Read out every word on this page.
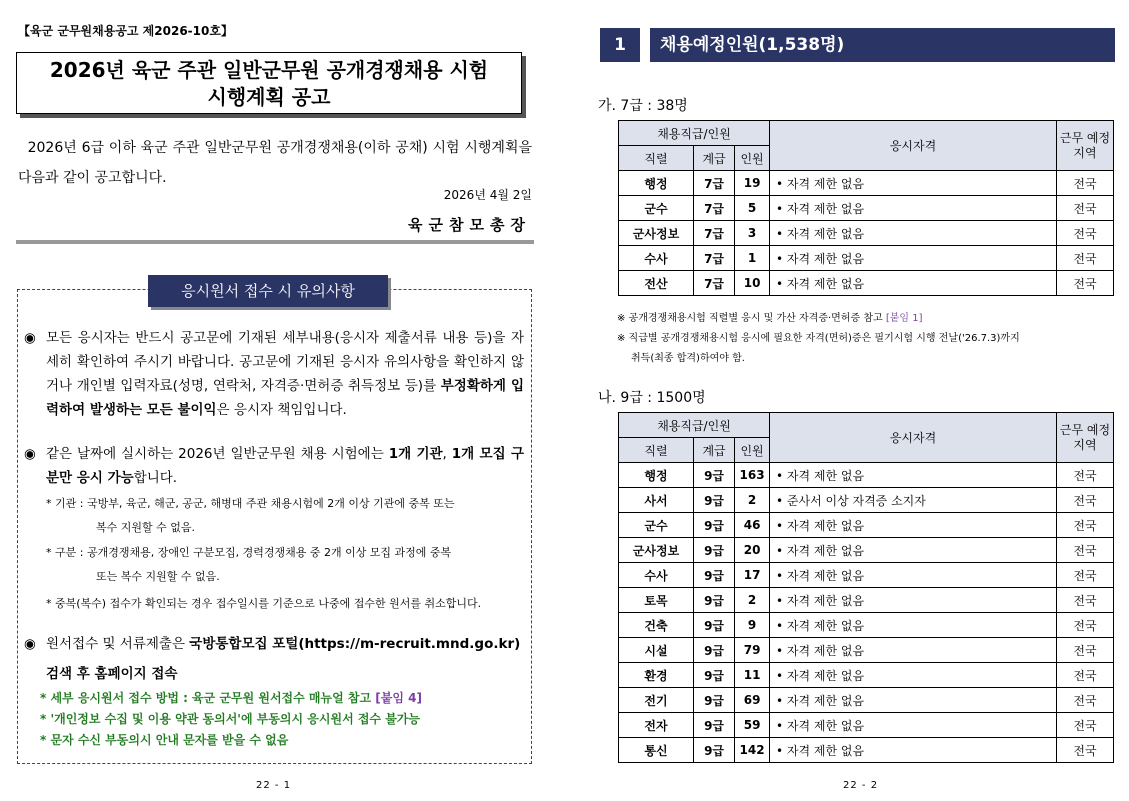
【육군 군무원채용공고 제2026-10호】
2026년 육군 주관 일반군무원 공개경쟁채용 시험
시행계획 공고
2026년 6급 이하 육군 주관 일반군무원 공개경쟁채용(이하 공채) 시험 시행계획을 다음과 같이 공고합니다.
2026년 4월 2일
육군참모총장
응시원서 접수 시 유의사항
◉ 모든 응시자는 반드시 공고문에 기재된 세부내용(응시자 제출서류 내용 등)을 자세히 확인하여 주시기 바랍니다. 공고문에 기재된 응시자 유의사항을 확인하지 않거나 개인별 입력자료(성명, 연락처, 자격증·면허증 취득정보 등)를 부정확하게 입력하여 발생하는 모든 불이익은 응시자 책임입니다.
◉ 같은 날짜에 실시하는 2026년 일반군무원 채용 시험에는 1개 기관, 1개 모집 구분만 응시 가능합니다.
* 기관 : 국방부, 육군, 해군, 공군, 해병대 주관 채용시험에 2개 이상 기관에 중복 또는
복수 지원할 수 없음.
* 구분 : 공개경쟁채용, 장애인 구분모집, 경력경쟁채용 중 2개 이상 모집 과정에 중복
또는 복수 지원할 수 없음.
* 중복(복수) 접수가 확인되는 경우 접수일시를 기준으로 나중에 접수한 원서를 취소합니다.
◉ 원서접수 및 서류제출은 국방통합모집 포털(https://m-recruit.mnd.go.kr)
검색 후 홈페이지 접속
* 세부 응시원서 접수 방법 : 육군 군무원 원서접수 매뉴얼 참고 [붙임 4]
* '개인정보 수집 및 이용 약관 동의서'에 부동의시 응시원서 접수 불가능
* 문자 수신 부동의시 안내 문자를 받을 수 없음
22 - 1
1	채용예정인원(1,538명)
가. 7급 : 38명
채용직급/인원			응시자격	근무 예정지역
직렬	계급	인원		
행정	7급	19	• 자격 제한 없음	전국
군수	7급	5	• 자격 제한 없음	전국
군사정보	7급	3	• 자격 제한 없음	전국
수사	7급	1	• 자격 제한 없음	전국
전산	7급	10	• 자격 제한 없음	전국
※ 공개경쟁채용시험 직렬별 응시 및 가산 자격증·면허증 참고 [붙임 1]
※ 직급별 공개경쟁채용시험 응시에 필요한 자격(면허)증은 필기시험 시행 전날('26.7.3)까지
취득(최종 합격)하여야 함.
나. 9급 : 1500명
채용직급/인원			응시자격	근무 예정지역
직렬	계급	인원		
행정	9급	163	• 자격 제한 없음	전국
사서	9급	2	• 준사서 이상 자격증 소지자	전국
군수	9급	46	• 자격 제한 없음	전국
군사정보	9급	20	• 자격 제한 없음	전국
수사	9급	17	• 자격 제한 없음	전국
토목	9급	2	• 자격 제한 없음	전국
건축	9급	9	• 자격 제한 없음	전국
시설	9급	79	• 자격 제한 없음	전국
환경	9급	11	• 자격 제한 없음	전국
전기	9급	69	• 자격 제한 없음	전국
전자	9급	59	• 자격 제한 없음	전국
통신	9급	142	• 자격 제한 없음	전국
22 - 2
